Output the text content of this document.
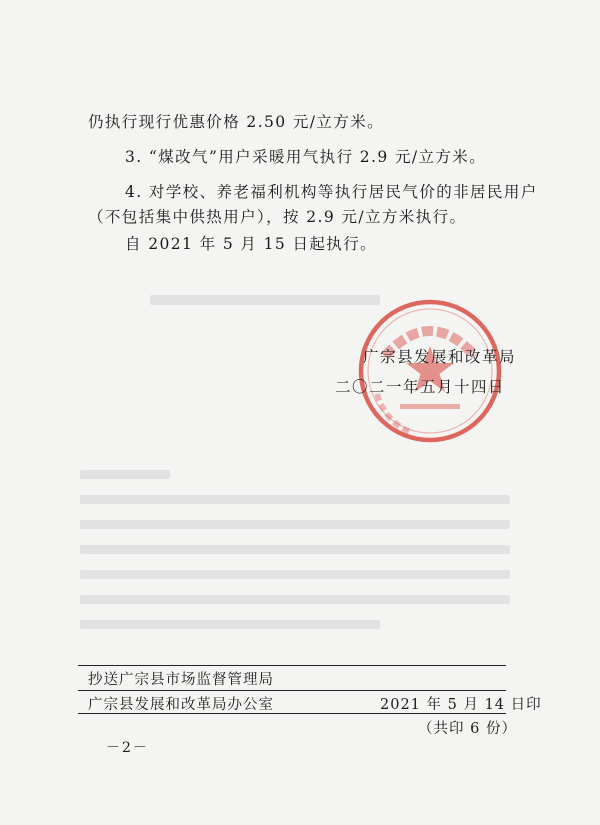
仍执行现行优惠价格 2.50 元/立方米。
3. “煤改气”用户采暖用气执行 2.9 元/立方米。
4. 对学校、养老福利机构等执行居民气价的非居民用户
（不包括集中供热用户），按 2.9 元/立方米执行。
自 2021 年 5 月 15 日起执行。
广宗县发展和改革局
二〇二一年五月十四日
抄送广宗县市场监督管理局
广宗县发展和改革局办公室	2021 年 5 月 14 日印
（共印 6 份）
－2－
